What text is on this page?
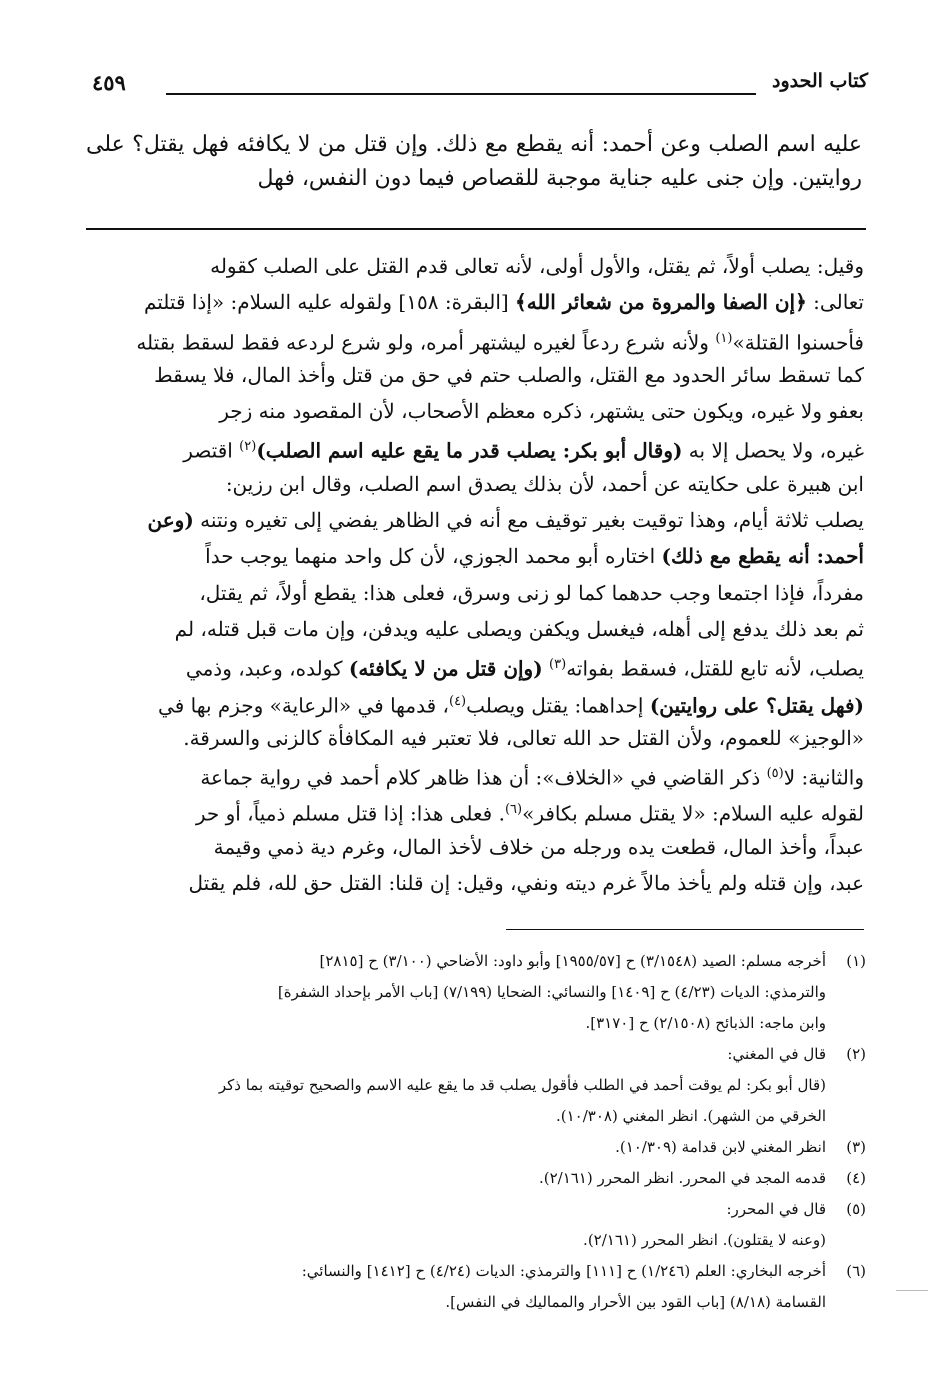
كتاب الحدود
٤٥٩
عليه اسم الصلب وعن أحمد: أنه يقطع مع ذلك. وإن قتل من لا يكافئه فهل يقتل؟ على روايتين. وإن جنى عليه جناية موجبة للقصاص فيما دون النفس، فهل
وقيل: يصلب أولاً، ثم يقتل، والأول أولى، لأنه تعالى قدم القتل على الصلب كقوله
تعالى: ﴿إن الصفا والمروة من شعائر الله﴾ [البقرة: ١٥٨] ولقوله عليه السلام: «إذا قتلتم
فأحسنوا القتلة»$^{(١)}$ ولأنه شرع ردعاً لغيره ليشتهر أمره، ولو شرع لردعه فقط لسقط بقتله
كما تسقط سائر الحدود مع القتل، والصلب حتم في حق من قتل وأخذ المال، فلا يسقط
بعفو ولا غيره، ويكون حتى يشتهر، ذكره معظم الأصحاب، لأن المقصود منه زجر
غيره، ولا يحصل إلا به (وقال أبو بكر: يصلب قدر ما يقع عليه اسم الصلب)$^{(٢)}$ اقتصر
ابن هبيرة على حكايته عن أحمد، لأن بذلك يصدق اسم الصلب، وقال ابن رزين:
يصلب ثلاثة أيام، وهذا توقيت بغير توقيف مع أنه في الظاهر يفضي إلى تغيره ونتنه (وعن
أحمد: أنه يقطع مع ذلك) اختاره أبو محمد الجوزي، لأن كل واحد منهما يوجب حداً
مفرداً، فإذا اجتمعا وجب حدهما كما لو زنى وسرق، فعلى هذا: يقطع أولاً، ثم يقتل،
ثم بعد ذلك يدفع إلى أهله، فيغسل ويكفن ويصلى عليه ويدفن، وإن مات قبل قتله، لم
يصلب، لأنه تابع للقتل، فسقط بفواته$^{(٣)}$ (وإن قتل من لا يكافئه) كولده، وعبد، وذمي
(فهل يقتل؟ على روايتين) إحداهما: يقتل ويصلب$^{(٤)}$، قدمها في «الرعاية» وجزم بها في
«الوجيز» للعموم، ولأن القتل حد الله تعالى، فلا تعتبر فيه المكافأة كالزنى والسرقة.
والثانية: لا$^{(٥)}$ ذكر القاضي في «الخلاف»: أن هذا ظاهر كلام أحمد في رواية جماعة
لقوله عليه السلام: «لا يقتل مسلم بكافر»$^{(٦)}$. فعلى هذا: إذا قتل مسلم ذمياً، أو حر
عبداً، وأخذ المال، قطعت يده ورجله من خلاف لأخذ المال، وغرم دية ذمي وقيمة
عبد، وإن قتله ولم يأخذ مالاً غرم ديته ونفي، وقيل: إن قلنا: القتل حق لله، فلم يقتل
(١)
أخرجه مسلم: الصيد (٣/١٥٤٨) ح [١٩٥٥/٥٧] وأبو داود: الأضاحي (٣/١٠٠) ح [٢٨١٥]
والترمذي: الديات (٤/٢٣) ح [١٤٠٩] والنسائي: الضحايا (٧/١٩٩) [باب الأمر بإحداد الشفرة]
وابن ماجه: الذبائح (٢/١٥٠٨) ح [٣١٧٠].
(٢)
قال في المغني:
(قال أبو بكر: لم يوقت أحمد في الطلب فأقول يصلب قد ما يقع عليه الاسم والصحيح توقيته بما ذكر
الخرقي من الشهر). انظر المغني (١٠/٣٠٨).
(٣)
انظر المغني لابن قدامة (١٠/٣٠٩).
(٤)
قدمه المجد في المحرر. انظر المحرر (٢/١٦١).
(٥)
قال في المحرر:
(وعنه لا يقتلون). انظر المحرر (٢/١٦١).
(٦)
أخرجه البخاري: العلم (١/٢٤٦) ح [١١١] والترمذي: الديات (٤/٢٤) ح [١٤١٢] والنسائي:
القسامة (٨/١٨) [باب القود بين الأحرار والمماليك في النفس].
